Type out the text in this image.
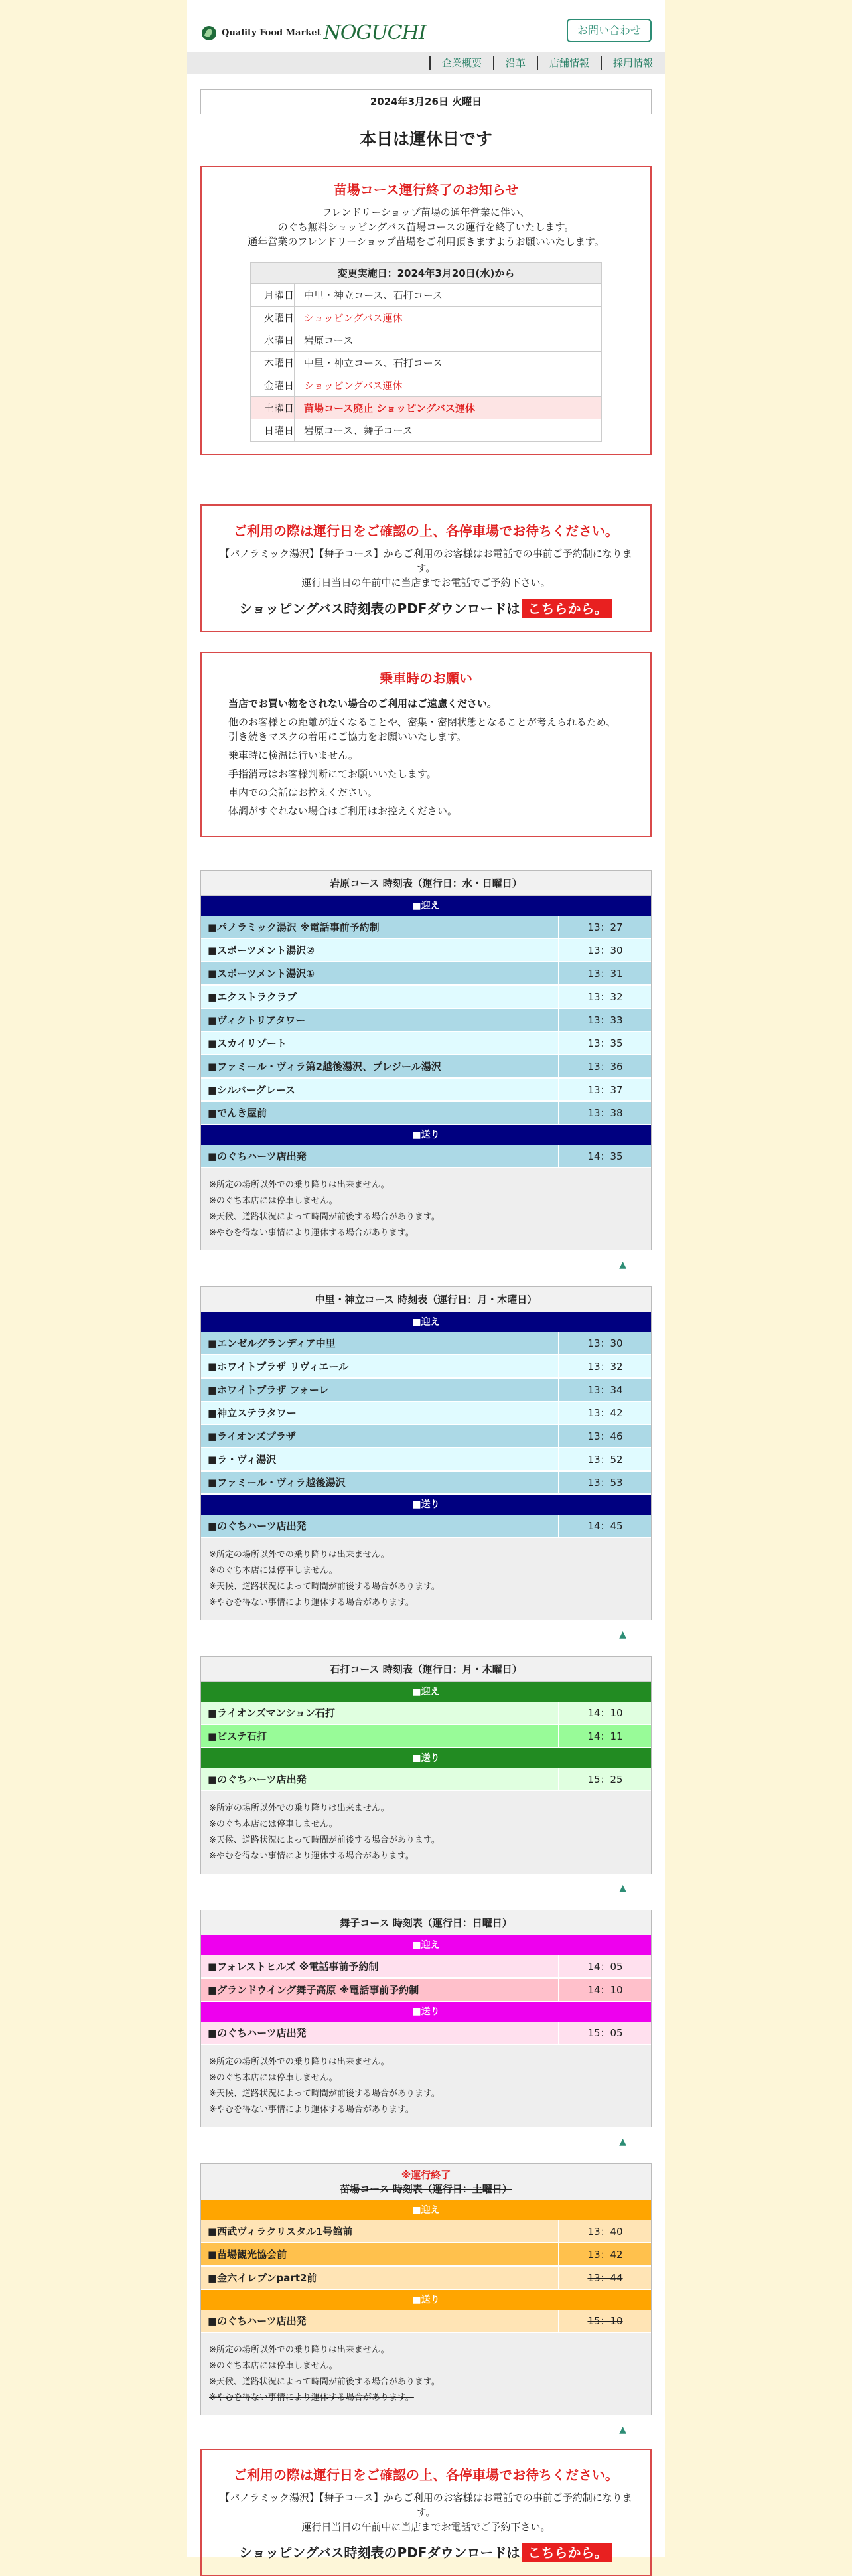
Quality Food Market NOGUCHI	お問い合わせ
企業概要	沿革	店舗情報	採用情報
2024年3月26日 火曜日
本日は運休日です
苗場コース運行終了のお知らせ
フレンドリーショップ苗場の通年営業に伴い、
のぐち無料ショッピングバス苗場コースの運行を終了いたします。
通年営業のフレンドリーショップ苗場をご利用頂きますようお願いいたします。
変更実施日：2024年3月20日(水)から	
月曜日	中里・神立コース、石打コース
火曜日	ショッピングバス運休
水曜日	岩原コース
木曜日	中里・神立コース、石打コース
金曜日	ショッピングバス運休
土曜日	苗場コース廃止 ショッピングバス運休
日曜日	岩原コース、舞子コース
ご利用の際は運行日をご確認の上、各停車場でお待ちください。
【パノラミック湯沢】【舞子コース】からご利用のお客様はお電話での事前ご予約制になります。
運行日当日の午前中に当店までお電話でご予約下さい。
ショッピングバス時刻表のPDFダウンロードは こちらから。
乗車時のお願い
当店でお買い物をされない場合のご利用はご遠慮ください。
他のお客様との距離が近くなることや、密集・密閉状態となることが考えられるため、引き続きマスクの着用にご協力をお願いいたします。
乗車時に検温は行いません。
手指消毒はお客様判断にてお願いいたします。
車内での会話はお控えください。
体調がすぐれない場合はご利用はお控えください。
岩原コース 時刻表（運行日：水・日曜日）
■迎え
■パノラミック湯沢 ※電話事前予約制	13：27
■スポーツメント湯沢②	13：30
■スポーツメント湯沢①	13：31
■エクストラクラブ	13：32
■ヴィクトリアタワー	13：33
■スカイリゾート	13：35
■ファミール・ヴィラ第2越後湯沢、プレジール湯沢	13：36
■シルバーグレース	13：37
■でんき屋前	13：38
■送り
■のぐちハーツ店出発	14：35
※所定の場所以外での乗り降りは出来ません。
※のぐち本店には停車しません。
※天候、道路状況によって時間が前後する場合があります。
※やむを得ない事情により運休する場合があります。
▲
中里・神立コース 時刻表（運行日：月・木曜日）
■迎え
■エンゼルグランディア中里	13：30
■ホワイトプラザ リヴィエール	13：32
■ホワイトプラザ フォーレ	13：34
■神立ステラタワー	13：42
■ライオンズプラザ	13：46
■ラ・ヴィ湯沢	13：52
■ファミール・ヴィラ越後湯沢	13：53
■送り
■のぐちハーツ店出発	14：45
※所定の場所以外での乗り降りは出来ません。
※のぐち本店には停車しません。
※天候、道路状況によって時間が前後する場合があります。
※やむを得ない事情により運休する場合があります。
▲
石打コース 時刻表（運行日：月・木曜日）
■迎え
■ライオンズマンション石打	14：10
■ビステ石打	14：11
■送り
■のぐちハーツ店出発	15：25
※所定の場所以外での乗り降りは出来ません。
※のぐち本店には停車しません。
※天候、道路状況によって時間が前後する場合があります。
※やむを得ない事情により運休する場合があります。
▲
舞子コース 時刻表（運行日：日曜日）
■迎え
■フォレストヒルズ ※電話事前予約制	14：05
■グランドウイング舞子高原 ※電話事前予約制	14：10
■送り
■のぐちハーツ店出発	15：05
※所定の場所以外での乗り降りは出来ません。
※のぐち本店には停車しません。
※天候、道路状況によって時間が前後する場合があります。
※やむを得ない事情により運休する場合があります。
▲
※運行終了
苗場コース 時刻表（運行日：土曜日）
■迎え
■西武ヴィラクリスタル1号館前	13：40
■苗場観光協会前	13：42
■金六イレブンpart2前	13：44
■送り
■のぐちハーツ店出発	15：10
※所定の場所以外での乗り降りは出来ません。
※のぐち本店には停車しません。
※天候、道路状況によって時間が前後する場合があります。
※やむを得ない事情により運休する場合があります。
▲
ご利用の際は運行日をご確認の上、各停車場でお待ちください。
【パノラミック湯沢】【舞子コース】からご利用のお客様はお電話での事前ご予約制になります。
運行日当日の午前中に当店までお電話でご予約下さい。
ショッピングバス時刻表のPDFダウンロードは こちらから。
